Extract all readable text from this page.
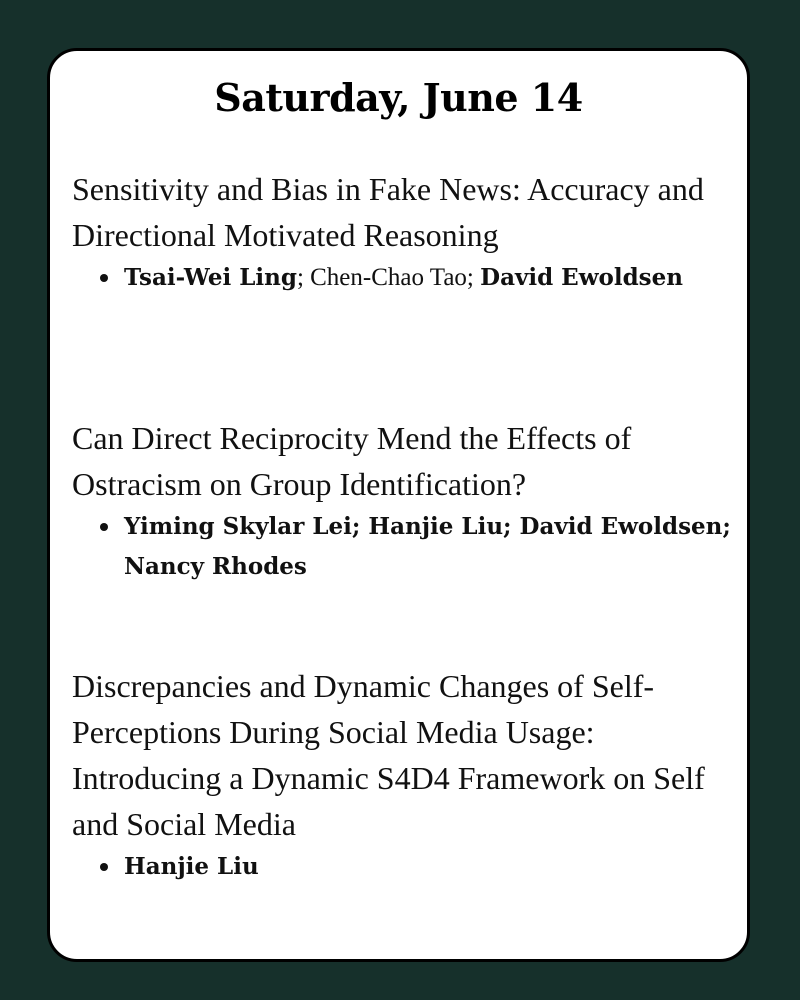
Saturday, June 14

Sensitivity and Bias in Fake News: Accuracy and Directional Motivated Reasoning

Tsai-Wei Ling; Chen-Chao Tao; David Ewoldsen

Can Direct Reciprocity Mend the Effects of Ostracism on Group Identification?

Yiming Skylar Lei; Hanjie Liu; David Ewoldsen; Nancy Rhodes

Discrepancies and Dynamic Changes of Self-Perceptions During Social Media Usage: Introducing a Dynamic S4D4 Framework on Self and Social Media

Hanjie Liu
